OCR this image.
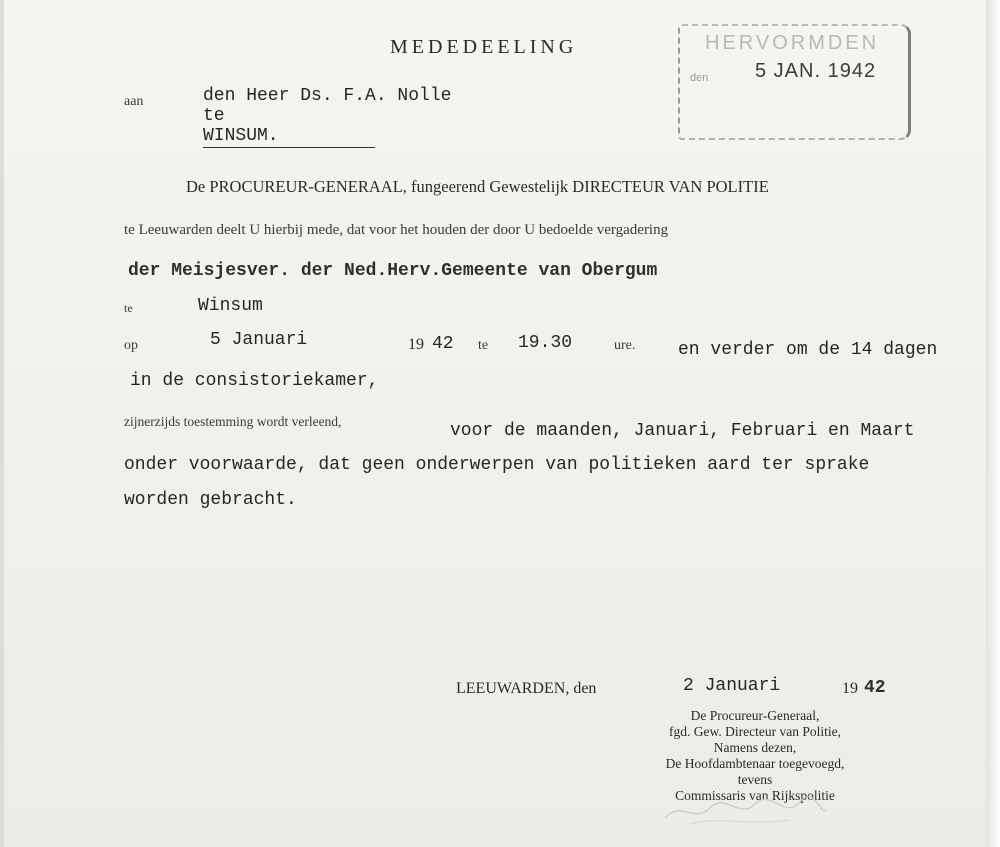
MEDEDEELING	HERVORMDEN
den 5 JAN. 1942
aan	den Heer Ds. F.A. Nolle
te
WINSUM.
De PROCUREUR-GENERAAL, fungeerend Gewestelijk DIRECTEUR VAN POLITIE
te Leeuwarden deelt U hierbij mede, dat voor het houden der door U bedoelde vergadering
der Meisjesver. der Ned.Herv.Gemeente van Obergum
te	Winsum
op	5 Januari	19 42 te 19.30	ure. en verder om de 14 dagen
in de consistoriekamer,
zijnerzijds toestemming wordt verleend,	voor de maanden, Januari, Februari en Maart
onder voorwaarde, dat geen onderwerpen van politieken aard ter sprake
worden gebracht.
LEEUWARDEN, den	2 Januari	19 42
De Procureur-Generaal,
fgd. Gew. Directeur van Politie,
Namens dezen,
De Hoofdambtenaar toegevoegd,
tevens
Commissaris van Rijkspolitie
